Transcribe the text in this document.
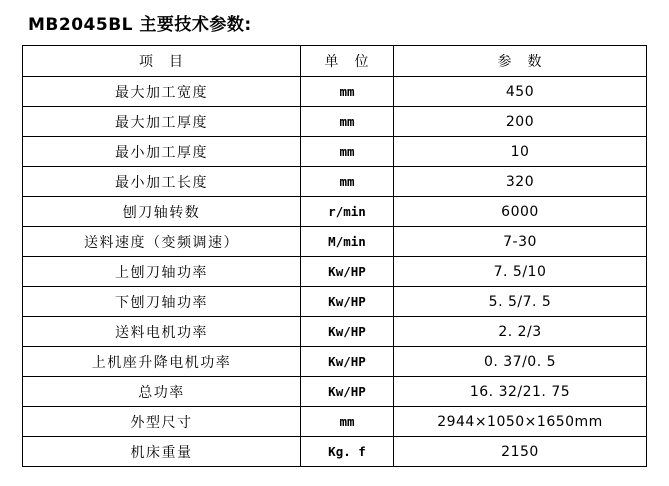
MB2045BL 主要技术参数:
项　目	单　位	参　数
最大加工宽度	mm	450
最大加工厚度	mm	200
最小加工厚度	mm	10
最小加工长度	mm	320
刨刀轴转数	r/min	6000
送料速度（变频调速）	M/min	7-30
上刨刀轴功率	Kw/HP	7. 5/10
下刨刀轴功率	Kw/HP	5. 5/7. 5
送料电机功率	Kw/HP	2. 2/3
上机座升降电机功率	Kw/HP	0. 37/0. 5
总功率	Kw/HP	16. 32/21. 75
外型尺寸	mm	2944×1050×1650mm
机床重量	Kg. f	2150
